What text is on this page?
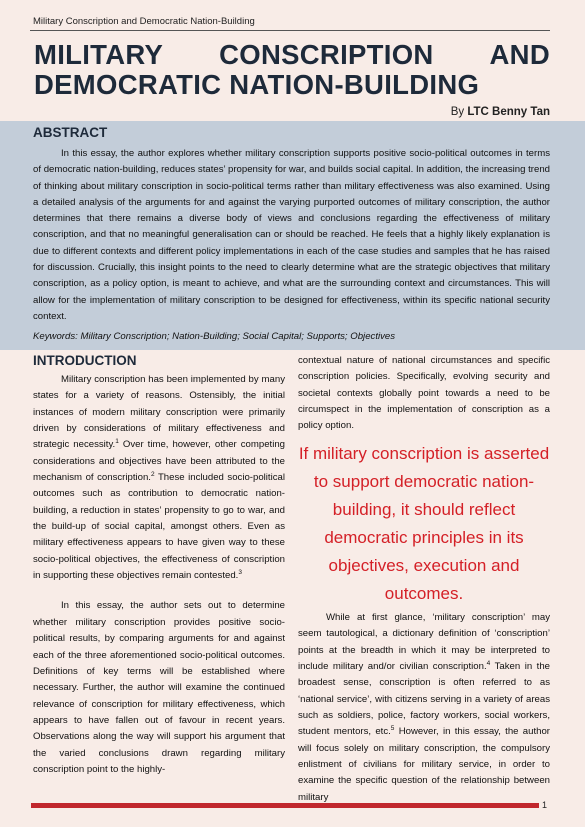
Military Conscription and Democratic Nation-Building
MILITARY CONSCRIPTION AND
DEMOCRATIC NATION-BUILDING
By LTC Benny Tan
ABSTRACT

In this essay, the author explores whether military conscription supports positive socio-political outcomes in terms of democratic nation-building, reduces states’ propensity for war, and builds social capital. In addition, the increasing trend of thinking about military conscription in socio-political terms rather than military effectiveness was also examined. Using a detailed analysis of the arguments for and against the varying purported outcomes of military conscription, the author determines that there remains a diverse body of views and conclusions regarding the effectiveness of military conscription, and that no meaningful generalisation can or should be reached. He feels that a highly likely explanation is due to different contexts and different policy implementations in each of the case studies and samples that he has raised for discussion. Crucially, this insight points to the need to clearly determine what are the strategic objectives that military conscription, as a policy option, is meant to achieve, and what are the surrounding context and circumstances. This will allow for the implementation of military conscription to be designed for effectiveness, within its specific national security context.

Keywords: Military Conscription; Nation-Building; Social Capital; Supports; Objectives

INTRODUCTION

Military conscription has been implemented by many states for a variety of reasons. Ostensibly, the initial instances of modern military conscription were primarily driven by considerations of military effectiveness and strategic necessity.$^1$ Over time, however, other competing considerations and objectives have been attributed to the mechanism of conscription.$^2$ These included socio-political outcomes such as contribution to democratic nation-building, a reduction in states’ propensity to go to war, and the build-up of social capital, amongst others. Even as military effectiveness appears to have given way to these socio-political objectives, the effectiveness of conscription in supporting these objectives remain contested.$^3$

In this essay, the author sets out to determine whether military conscription provides positive socio-political results, by comparing arguments for and against each of the three aforementioned socio-political outcomes. Definitions of key terms will be established where necessary. Further, the author will examine the continued relevance of conscription for military effectiveness, which appears to have fallen out of favour in recent years. Observations along the way will support his argument that the varied conclusions drawn regarding military conscription point to the highly-

contextual nature of national circumstances and specific conscription policies. Specifically, evolving security and societal contexts globally point towards a need to be circumspect in the implementation of conscription as a policy option.

If military conscription is asserted to support democratic nation-building, it should reflect democratic principles in its objectives, execution and outcomes.

While at first glance, ‘military conscription’ may seem tautological, a dictionary definition of ‘conscription’ points at the breadth in which it may be interpreted to include military and/or civilian conscription.$^4$ Taken in the broadest sense, conscription is often referred to as ‘national service’, with citizens serving in a variety of areas such as soldiers, police, factory workers, social workers, student mentors, etc.$^5$ However, in this essay, the author will focus solely on military conscription, the compulsory enlistment of civilians for military service, in order to examine the specific question of the relationship between military

1
